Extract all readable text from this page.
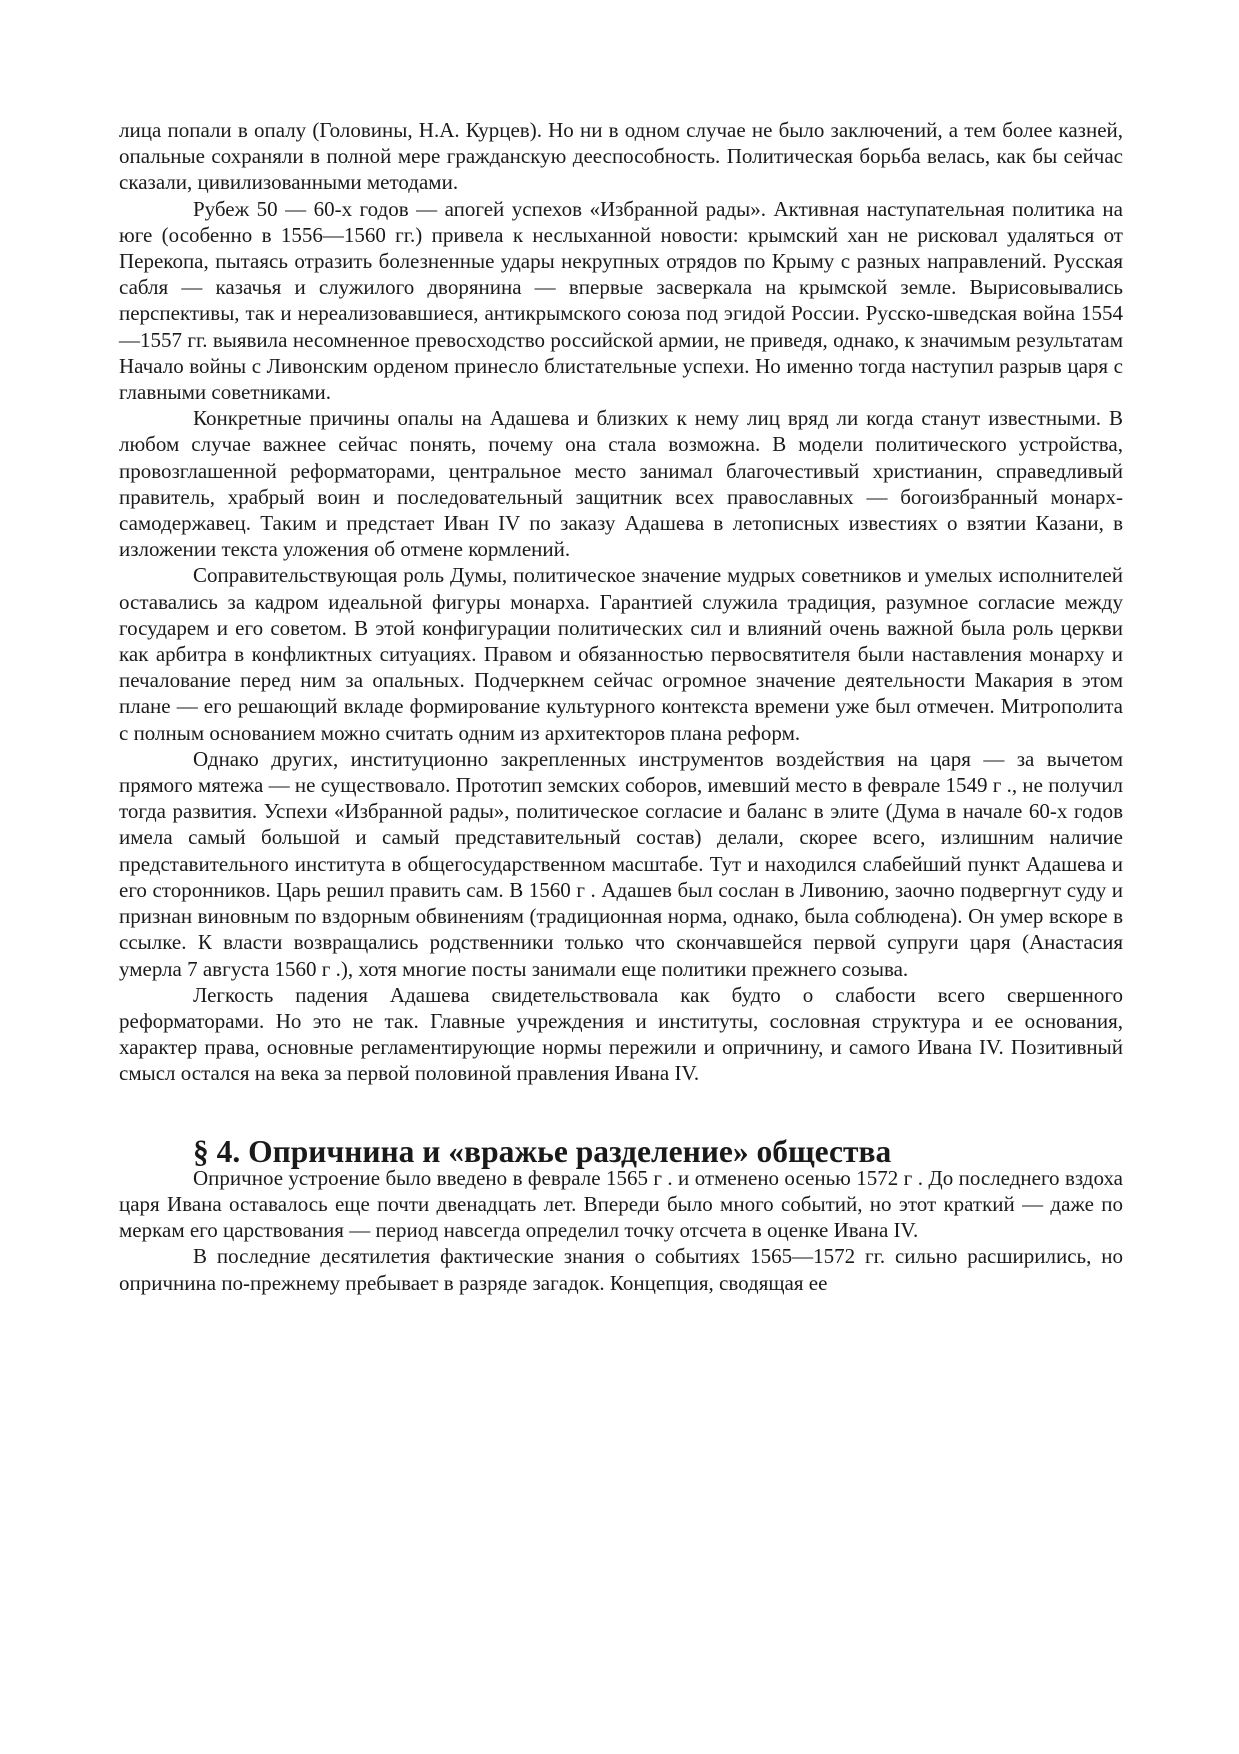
лица попали в опалу (Головины, Н.А. Курцев). Но ни в одном случае не было заключений, а тем более казней, опальные сохраняли в полной мере гражданскую дееспособность. Политическая борьба велась, как бы сейчас сказали, цивилизованными методами.

Рубеж 50 — 60-х годов — апогей успехов «Избранной рады». Активная наступательная политика на юге (особенно в 1556—1560 гг.) привела к неслыханной новости: крымский хан не рисковал удаляться от Перекопа, пытаясь отразить болезненные удары некрупных отрядов по Крыму с разных направлений. Русская сабля — казачья и служилого дворянина — впервые засверкала на крымской земле. Вырисовывались перспективы, так и нереализовавшиеся, антикрымского союза под эгидой России. Русско-шведская война 1554—1557 гг. выявила несомненное превосходство российской армии, не приведя, однако, к значимым результатам Начало войны с Ливонским орденом принесло блистательные успехи. Но именно тогда наступил разрыв царя с главными советниками.

Конкретные причины опалы на Адашева и близких к нему лиц вряд ли когда станут известными. В любом случае важнее сейчас понять, почему она стала возможна. В модели политического устройства, провозглашенной реформаторами, центральное место занимал благочестивый христианин, справедливый правитель, храбрый воин и последовательный защитник всех православных — богоизбранный монарх-самодержавец. Таким и предстает Иван IV по заказу Адашева в летописных известиях о взятии Казани, в изложении текста уложения об отмене кормлений.

Соправительствующая роль Думы, политическое значение мудрых советников и умелых исполнителей оставались за кадром идеальной фигуры монарха. Гарантией служила традиция, разумное согласие между государем и его советом. В этой конфигурации политических сил и влияний очень важной была роль церкви как арбитра в конфликтных ситуациях. Правом и обязанностью первосвятителя были наставления монарху и печалование перед ним за опальных. Подчеркнем сейчас огромное значение деятельности Макария в этом плане — его решающий вкладе формирование культурного контекста времени уже был отмечен. Митрополита с полным основанием можно считать одним из архитекторов плана реформ.

Однако других, институционно закрепленных инструментов воздействия на царя — за вычетом прямого мятежа — не существовало. Прототип земских соборов, имевший место в феврале 1549 г ., не получил тогда развития. Успехи «Избранной рады», политическое согласие и баланс в элите (Дума в начале 60-х годов имела самый большой и самый представительный состав) делали, скорее всего, излишним наличие представительного института в общегосударственном масштабе. Тут и находился слабейший пункт Адашева и его сторонников. Царь решил править сам. В 1560 г . Адашев был сослан в Ливонию, заочно подвергнут суду и признан виновным по вздорным обвинениям (традиционная норма, однако, была соблюдена). Он умер вскоре в ссылке. К власти возвращались родственники только что скончавшейся первой супруги царя (Анастасия умерла 7 августа 1560 г .), хотя многие посты занимали еще политики прежнего созыва.

Легкость падения Адашева свидетельствовала как будто о слабости всего свершенного реформаторами. Но это не так. Главные учреждения и институты, сословная структура и ее основания, характер права, основные регламентирующие нормы пережили и опричнину, и самого Ивана IV. Позитивный смысл остался на века за первой половиной правления Ивана IV.

§ 4. Опричнина и «вражье разделение» общества

Опричное устроение было введено в феврале 1565 г . и отменено осенью 1572 г . До последнего вздоха царя Ивана оставалось еще почти двенадцать лет. Впереди было много событий, но этот краткий — даже по меркам его царствования — период навсегда определил точку отсчета в оценке Ивана IV.

В последние десятилетия фактические знания о событиях 1565—1572 гг. сильно расширились, но опричнина по-прежнему пребывает в разряде загадок. Концепция, сводящая ее
